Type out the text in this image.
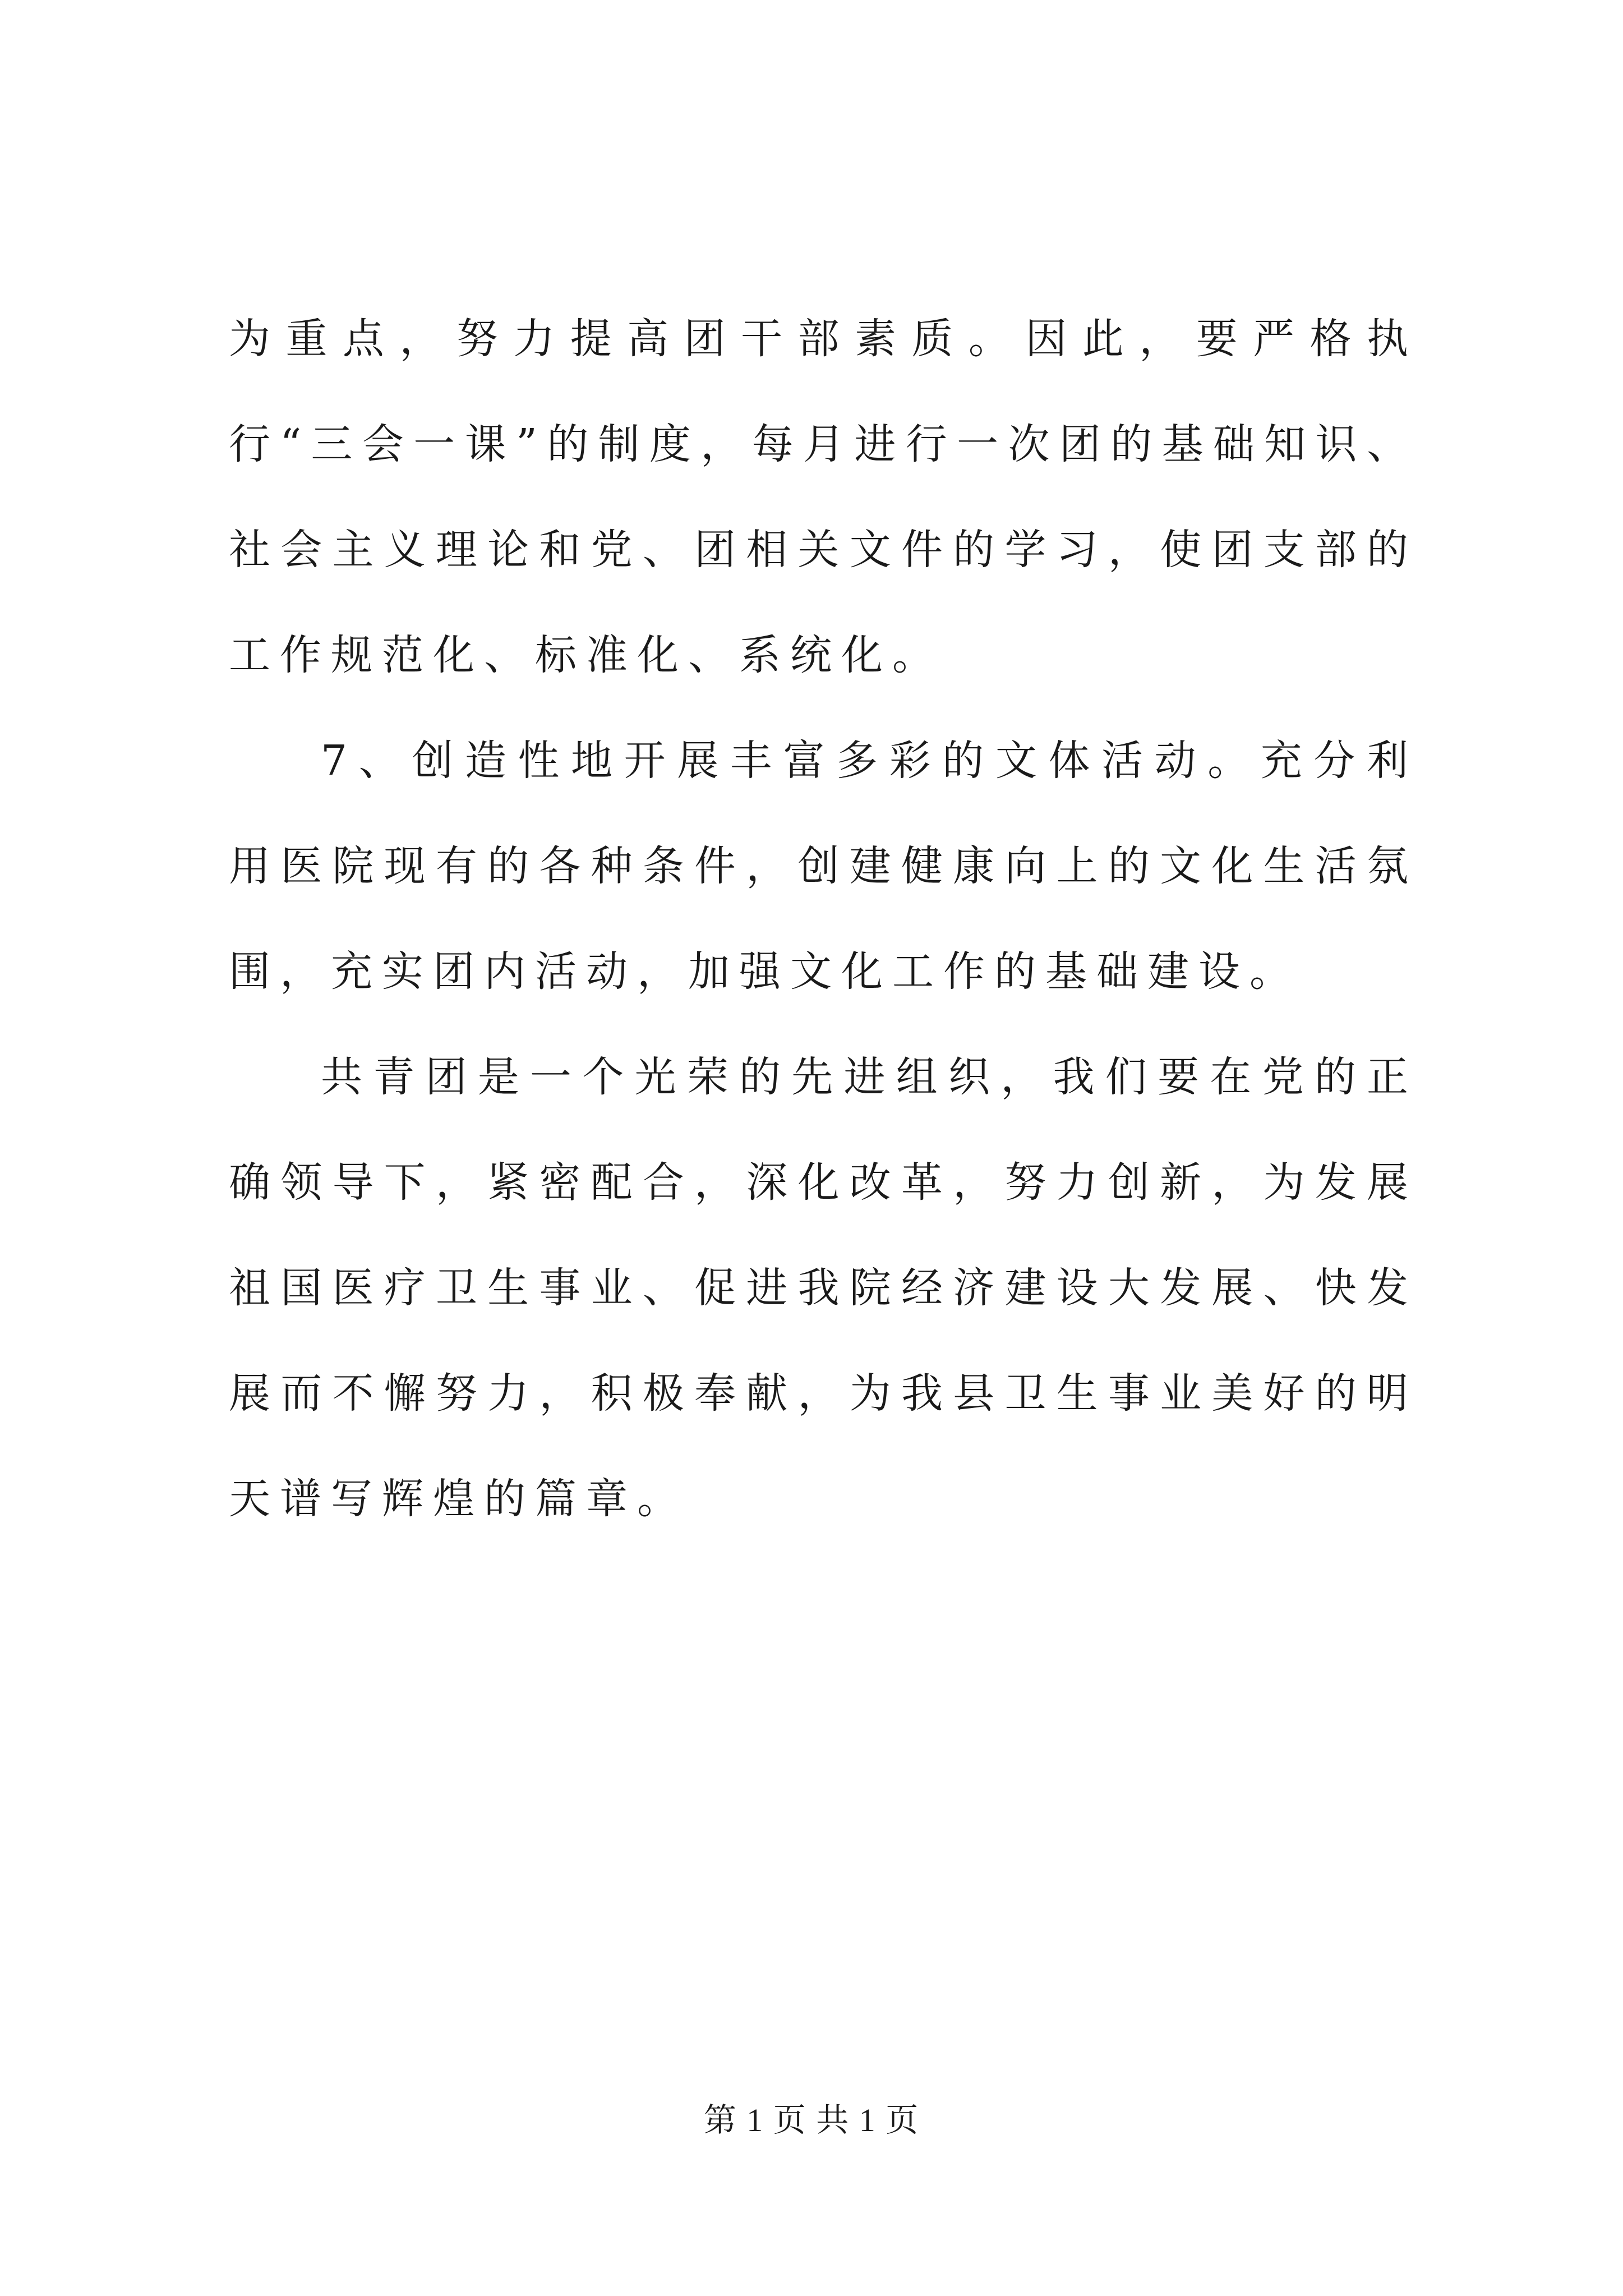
为重点，努力提高团干部素质。因此，要严格执行“三会一课”的制度，每月进行一次团的基础知识、社会主义理论和党、团相关文件的学习，使团支部的工作规范化、标准化、系统化。

7、创造性地开展丰富多彩的文体活动。充分利用医院现有的各种条件，创建健康向上的文化生活氛围，充实团内活动，加强文化工作的基础建设。

共青团是一个光荣的先进组织，我们要在党的正确领导下，紧密配合，深化改革，努力创新，为发展祖国医疗卫生事业、促进我院经济建设大发展、快发展而不懈努力，积极奉献，为我县卫生事业美好的明天谱写辉煌的篇章。

第 1 页 共 1 页
